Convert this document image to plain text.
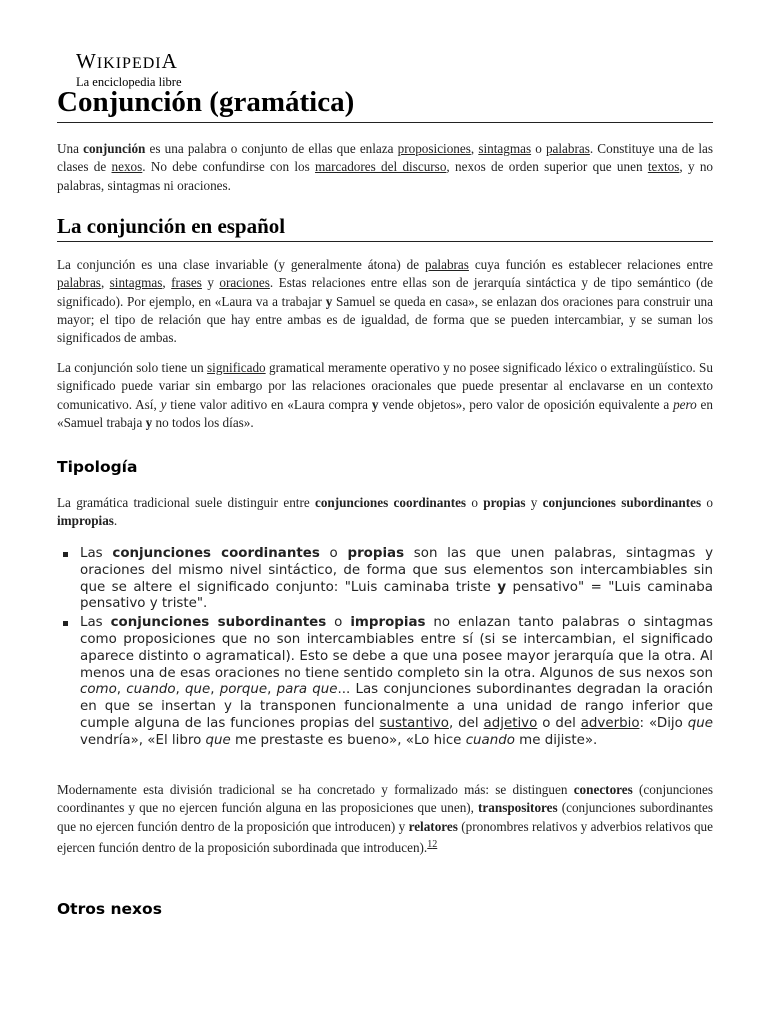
WIKIPEDIA
La enciclopedia libre
Conjunción (gramática)

Una conjunción es una palabra o conjunto de ellas que enlaza proposiciones, sintagmas o palabras. Constituye una de las clases de nexos. No debe confundirse con los marcadores del discurso, nexos de orden superior que unen textos, y no palabras, sintagmas ni oraciones.

La conjunción en español

La conjunción es una clase invariable (y generalmente átona) de palabras cuya función es establecer relaciones entre palabras, sintagmas, frases y oraciones. Estas relaciones entre ellas son de jerarquía sintáctica y de tipo semántico (de significado). Por ejemplo, en «Laura va a trabajar y Samuel se queda en casa», se enlazan dos oraciones para construir una mayor; el tipo de relación que hay entre ambas es de igualdad, de forma que se pueden intercambiar, y se suman los significados de ambas.

La conjunción solo tiene un significado gramatical meramente operativo y no posee significado léxico o extralingüístico. Su significado puede variar sin embargo por las relaciones oracionales que puede presentar al enclavarse en un contexto comunicativo. Así, y tiene valor aditivo en «Laura compra y vende objetos», pero valor de oposición equivalente a pero en «Samuel trabaja y no todos los días».

Tipología

La gramática tradicional suele distinguir entre conjunciones coordinantes o propias y conjunciones subordinantes o impropias.

Las conjunciones coordinantes o propias son las que unen palabras, sintagmas y oraciones del mismo nivel sintáctico, de forma que sus elementos son intercambiables sin que se altere el significado conjunto: "Luis caminaba triste y pensativo" = "Luis caminaba pensativo y triste".
Las conjunciones subordinantes o impropias no enlazan tanto palabras o sintagmas como proposiciones que no son intercambiables entre sí (si se intercambian, el significado aparece distinto o agramatical). Esto se debe a que una posee mayor jerarquía que la otra. Al menos una de esas oraciones no tiene sentido completo sin la otra. Algunos de sus nexos son como, cuando, que, porque, para que... Las conjunciones subordinantes degradan la oración en que se insertan y la transponen funcionalmente a una unidad de rango inferior que cumple alguna de las funciones propias del sustantivo, del adjetivo o del adverbio: «Dijo que vendría», «El libro que me prestaste es bueno», «Lo hice cuando me dijiste».

Modernamente esta división tradicional se ha concretado y formalizado más: se distinguen conectores (conjunciones coordinantes y que no ejercen función alguna en las proposiciones que unen), transpositores (conjunciones subordinantes que no ejercen función dentro de la proposición que introducen) y relatores (pronombres relativos y adverbios relativos que ejercen función dentro de la proposición subordinada que introducen).$^{12}$

Otros nexos
